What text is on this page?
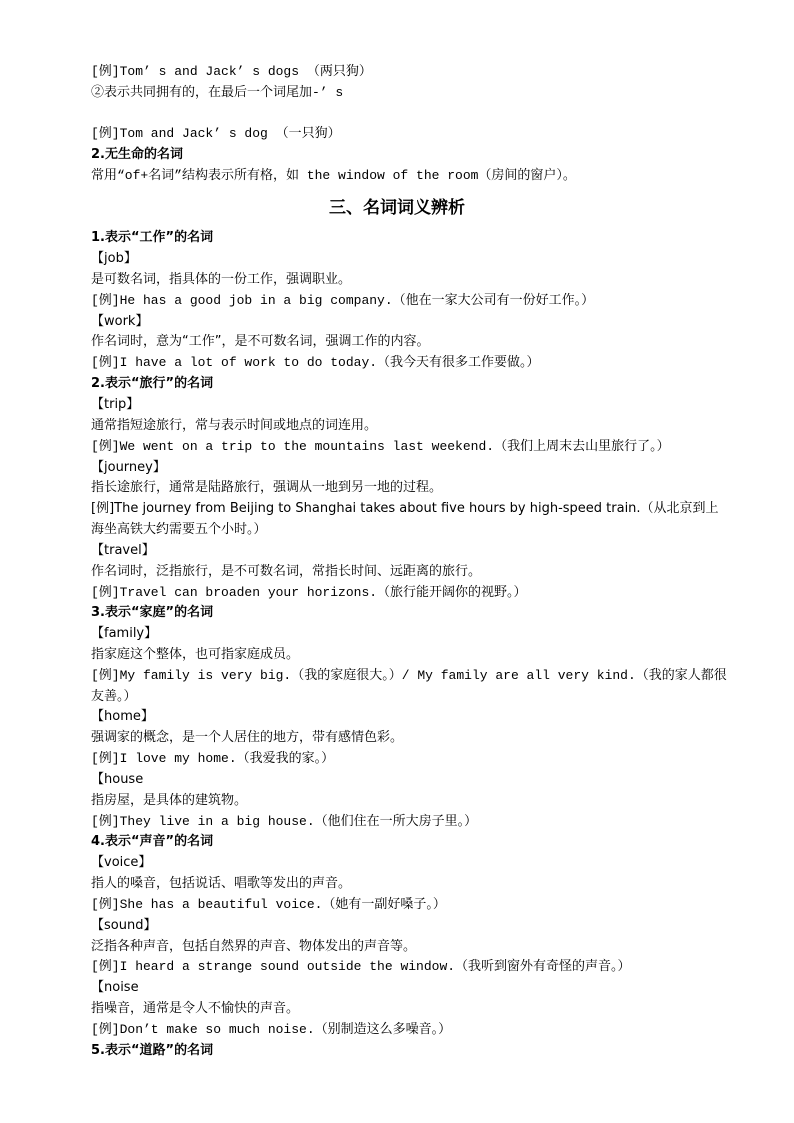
[例]Tom’ s and Jack’ s dogs （两只狗）
②表示共同拥有的，在最后一个词尾加-’ s
[例]Tom and Jack’ s dog （一只狗）
2.无生命的名词
常用“of+名词”结构表示所有格，如 the window of the room（房间的窗户）。
三、名词词义辨析
1.表示“工作”的名词
【job】
是可数名词，指具体的一份工作，强调职业。
[例]He has a good job in a big company.（他在一家大公司有一份好工作。）
【work】
作名词时，意为“工作”，是不可数名词，强调工作的内容。
[例]I have a lot of work to do today.（我今天有很多工作要做。）
2.表示“旅行”的名词
【trip】
通常指短途旅行，常与表示时间或地点的词连用。
[例]We went on a trip to the mountains last weekend.（我们上周末去山里旅行了。）
【journey】
指长途旅行，通常是陆路旅行，强调从一地到另一地的过程。
[例]The journey from Beijing to Shanghai takes about five hours by high-speed train.（从北京到上海坐高铁大约需要五个小时。）
【travel】
作名词时，泛指旅行，是不可数名词，常指长时间、远距离的旅行。
[例]Travel can broaden your horizons.（旅行能开阔你的视野。）
3.表示“家庭”的名词
【family】
指家庭这个整体，也可指家庭成员。
[例]My family is very big.（我的家庭很大。）/ My family are all very kind.（我的家人都很友善。）
【home】
强调家的概念，是一个人居住的地方，带有感情色彩。
[例]I love my home.（我爱我的家。）
【house
指房屋，是具体的建筑物。
[例]They live in a big house.（他们住在一所大房子里。）
4.表示“声音”的名词
【voice】
指人的嗓音，包括说话、唱歌等发出的声音。
[例]She has a beautiful voice.（她有一副好嗓子。）
【sound】
泛指各种声音，包括自然界的声音、物体发出的声音等。
[例]I heard a strange sound outside the window.（我听到窗外有奇怪的声音。）
【noise
指噪音，通常是令人不愉快的声音。
[例]Don’t make so much noise.（别制造这么多噪音。）
5.表示“道路”的名词
